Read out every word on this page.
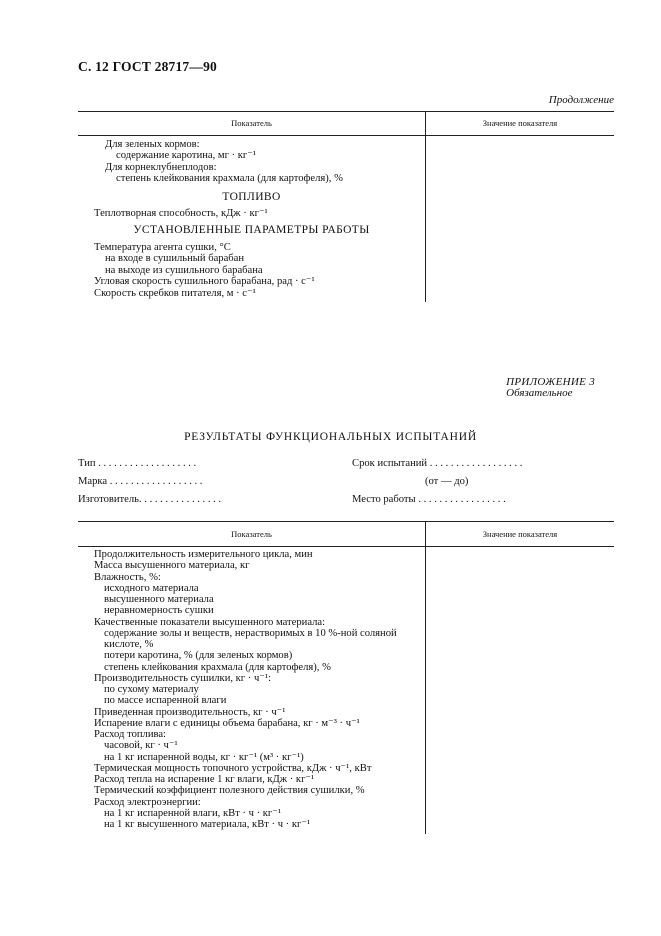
С. 12 ГОСТ 28717—90
Продолжение
Показатель	Значение показателя
Для зеленых кормов:
содержание каротина, мг · кг⁻¹
Для корнеклубнеплодов:
степень клейкования крахмала (для картофеля), %
ТОПЛИВО
Теплотворная способность, кДж · кг⁻¹
УСТАНОВЛЕННЫЕ ПАРАМЕТРЫ РАБОТЫ
Температура агента сушки, °С
на входе в сушильный барабан
на выходе из сушильного барабана
Угловая скорость сушильного барабана, рад · с⁻¹
Скорость скребков питателя, м · с⁻¹
ПРИЛОЖЕНИЕ 3
Обязательное
РЕЗУЛЬТАТЫ ФУНКЦИОНАЛЬНЫХ ИСПЫТАНИЙ
Тип . . . . . . . . . . . . . . . . . . .	Срок испытаний . . . . . . . . . . . . . . . . . .
Марка . . . . . . . . . . . . . . . . . .	(от — до)
Изготовитель. . . . . . . . . . . . . . . .	Место работы . . . . . . . . . . . . . . . . .
Показатель	Значение показателя
Продолжительность измерительного цикла, мин
Масса высушенного материала, кг
Влажность, %:
исходного материала
высушенного материала
неравномерность сушки
Качественные показатели высушенного материала:
содержание золы и веществ, нерастворимых в 10 %-ной соляной
кислоте, %
потери каротина, % (для зеленых кормов)
степень клейкования крахмала (для картофеля), %
Производительность сушилки, кг · ч⁻¹:
по сухому материалу
по массе испаренной влаги
Приведенная производительность, кг · ч⁻¹
Испарение влаги с единицы объема барабана, кг · м⁻³ · ч⁻¹
Расход топлива:
часовой, кг · ч⁻¹
на 1 кг испаренной воды, кг · кг⁻¹ (м³ · кг⁻¹)
Термическая мощность топочного устройства, кДж · ч⁻¹, кВт
Расход тепла на испарение 1 кг влаги, кДж · кг⁻¹
Термический коэффициент полезного действия сушилки, %
Расход электроэнергии:
на 1 кг испаренной влаги, кВт · ч · кг⁻¹
на 1 кг высушенного материала, кВт · ч · кг⁻¹
